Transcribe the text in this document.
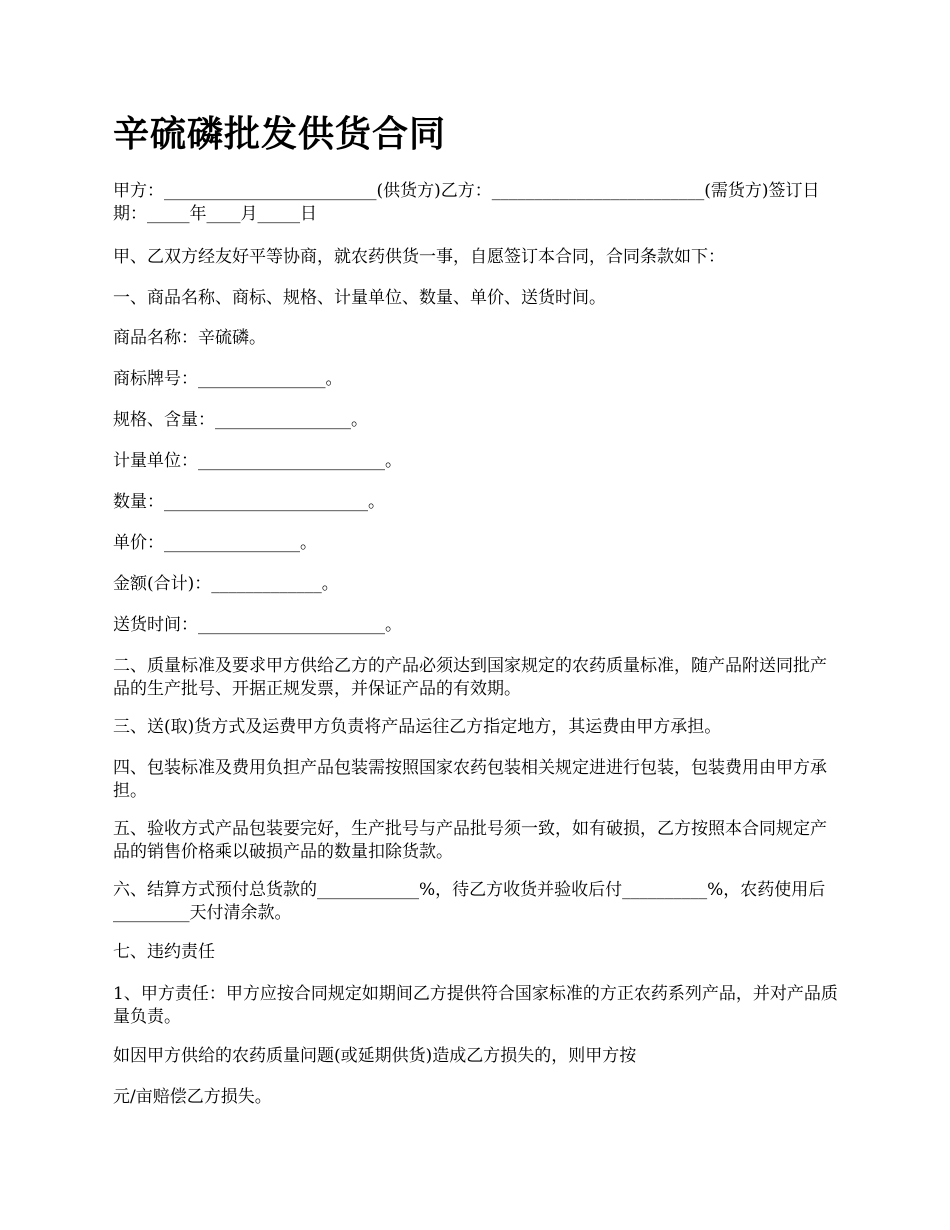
辛硫磷批发供货合同

甲方：_________________________(供货方)乙方：_________________________(需货方)签订日期：_____年____月_____日

甲、乙双方经友好平等协商，就农药供货一事，自愿签订本合同，合同条款如下：

一、商品名称、商标、规格、计量单位、数量、单价、送货时间。

商品名称：辛硫磷。

商标牌号：_______________。

规格、含量：________________。

计量单位：______________________。

数量：________________________。

单价：________________。

金额(合计)：_____________。

送货时间：______________________。

二、质量标准及要求甲方供给乙方的产品必须达到国家规定的农药质量标准，随产品附送同批产品的生产批号、开据正规发票，并保证产品的有效期。

三、送(取)货方式及运费甲方负责将产品运往乙方指定地方，其运费由甲方承担。

四、包装标准及费用负担产品包装需按照国家农药包装相关规定进进行包装，包装费用由甲方承担。

五、验收方式产品包装要完好，生产批号与产品批号须一致，如有破损，乙方按照本合同规定产品的销售价格乘以破损产品的数量扣除货款。

六、结算方式预付总货款的____________%，待乙方收货并验收后付__________%，农药使用后_________天付清余款。

七、违约责任

1、甲方责任：甲方应按合同规定如期间乙方提供符合国家标准的方正农药系列产品，并对产品质量负责。

如因甲方供给的农药质量问题(或延期供货)造成乙方损失的，则甲方按

元/亩赔偿乙方损失。
